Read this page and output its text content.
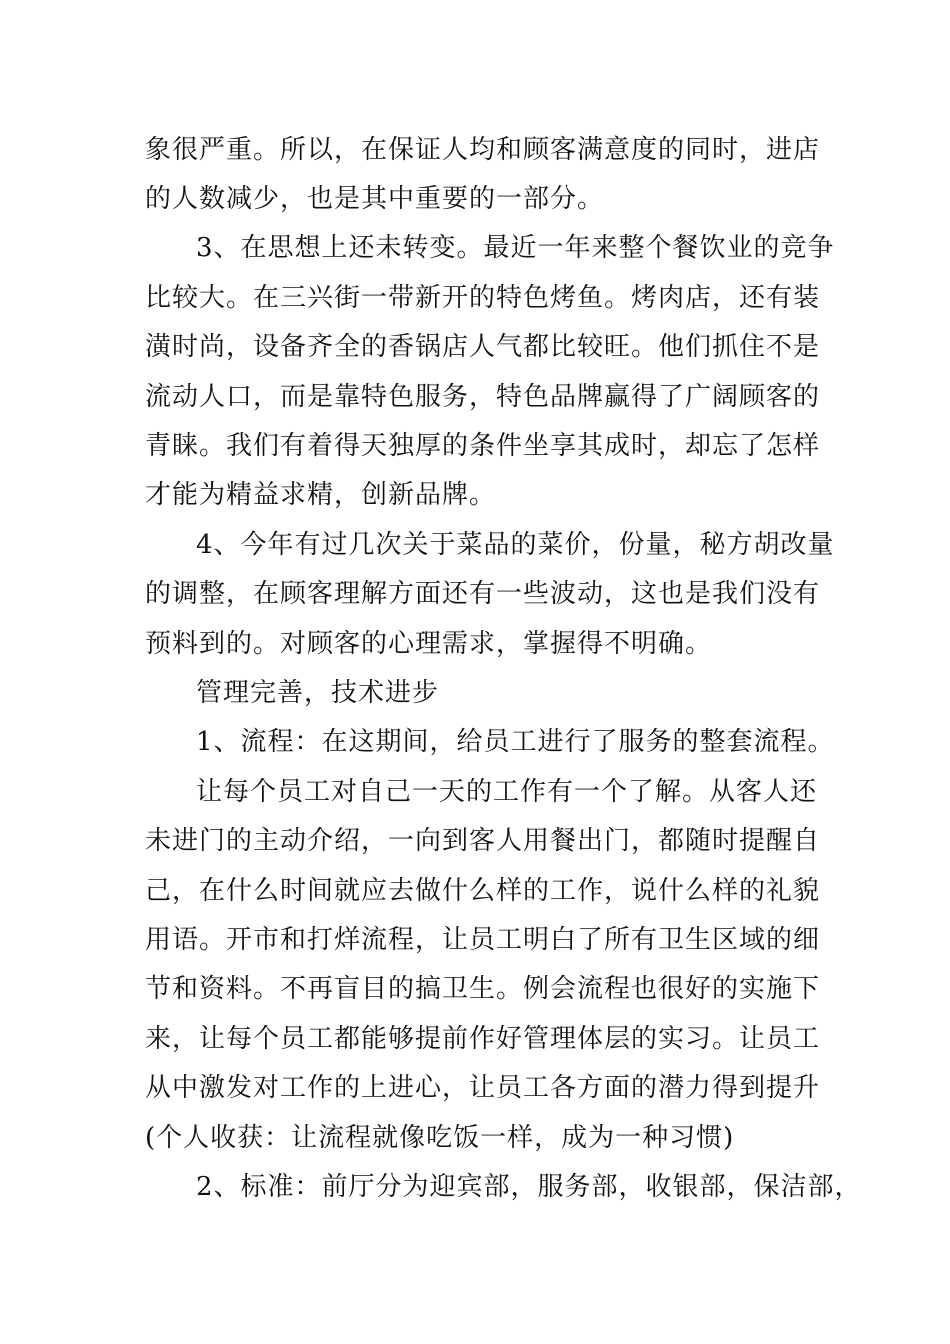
象很严重。所以，在保证人均和顾客满意度的同时，进店
的人数减少，也是其中重要的一部分。
3、在思想上还未转变。最近一年来整个餐饮业的竞争
比较大。在三兴街一带新开的特色烤鱼。烤肉店，还有装
潢时尚，设备齐全的香锅店人气都比较旺。他们抓住不是
流动人口，而是靠特色服务，特色品牌赢得了广阔顾客的
青睐。我们有着得天独厚的条件坐享其成时，却忘了怎样
才能为精益求精，创新品牌。
4、今年有过几次关于菜品的菜价，份量，秘方胡改量
的调整，在顾客理解方面还有一些波动，这也是我们没有
预料到的。对顾客的心理需求，掌握得不明确。
管理完善，技术进步
1、流程：在这期间，给员工进行了服务的整套流程。
让每个员工对自己一天的工作有一个了解。从客人还
未进门的主动介绍，一向到客人用餐出门，都随时提醒自
己，在什么时间就应去做什么样的工作，说什么样的礼貌
用语。开市和打烊流程，让员工明白了所有卫生区域的细
节和资料。不再盲目的搞卫生。例会流程也很好的实施下
来，让每个员工都能够提前作好管理体层的实习。让员工
从中激发对工作的上进心，让员工各方面的潜力得到提升
(个人收获：让流程就像吃饭一样，成为一种习惯)
2、标准：前厅分为迎宾部，服务部，收银部，保洁部，
